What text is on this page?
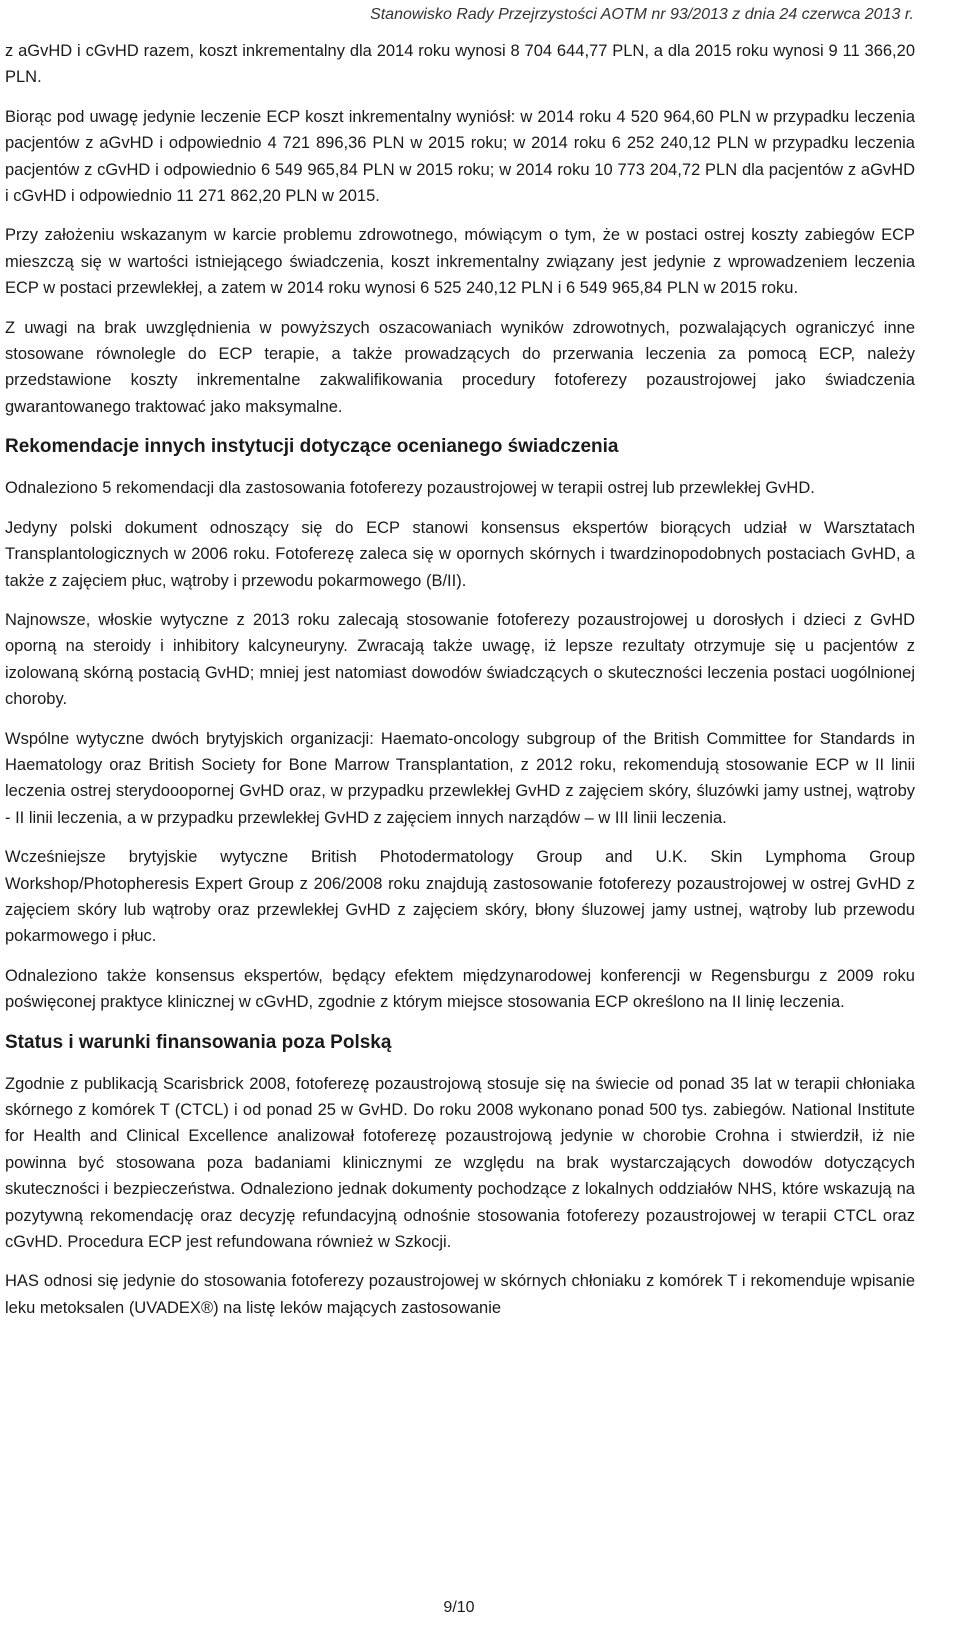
Stanowisko Rady Przejrzystości AOTM nr 93/2013 z dnia 24 czerwca 2013 r.

z aGvHD i cGvHD razem, koszt inkrementalny dla 2014 roku wynosi 8 704 644,77 PLN, a dla 2015 roku wynosi 9 11 366,20 PLN.

Biorąc pod uwagę jedynie leczenie ECP koszt inkrementalny wyniósł: w 2014 roku 4 520 964,60 PLN w przypadku leczenia pacjentów z aGvHD i odpowiednio 4 721 896,36 PLN w 2015 roku; w 2014 roku 6 252 240,12 PLN w przypadku leczenia pacjentów z cGvHD i odpowiednio 6 549 965,84 PLN w 2015 roku; w 2014 roku 10 773 204,72 PLN dla pacjentów z aGvHD i cGvHD i odpowiednio 11 271 862,20 PLN w 2015.

Przy założeniu wskazanym w karcie problemu zdrowotnego, mówiącym o tym, że w postaci ostrej koszty zabiegów ECP mieszczą się w wartości istniejącego świadczenia, koszt inkrementalny związany jest jedynie z wprowadzeniem leczenia ECP w postaci przewlekłej, a zatem w 2014 roku wynosi 6 525 240,12 PLN i 6 549 965,84 PLN w 2015 roku.

Z uwagi na brak uwzględnienia w powyższych oszacowaniach wyników zdrowotnych, pozwalających ograniczyć inne stosowane równolegle do ECP terapie, a także prowadzących do przerwania leczenia za pomocą ECP, należy przedstawione koszty inkrementalne zakwalifikowania procedury fotoferezy pozaustrojowej jako świadczenia gwarantowanego traktować jako maksymalne.

Rekomendacje innych instytucji dotyczące ocenianego świadczenia

Odnaleziono 5 rekomendacji dla zastosowania fotoferezy pozaustrojowej w terapii ostrej lub przewlekłej GvHD.

Jedyny polski dokument odnoszący się do ECP stanowi konsensus ekspertów biorących udział w Warsztatach Transplantologicznych w 2006 roku. Fotoferezę zaleca się w opornych skórnych i twardzinopodobnych postaciach GvHD, a także z zajęciem płuc, wątroby i przewodu pokarmowego (B/II).

Najnowsze, włoskie wytyczne z 2013 roku zalecają stosowanie fotoferezy pozaustrojowej u dorosłych i dzieci z GvHD oporną na steroidy i inhibitory kalcyneuryny. Zwracają także uwagę, iż lepsze rezultaty otrzymuje się u pacjentów z izolowaną skórną postacią GvHD; mniej jest natomiast dowodów świadczących o skuteczności leczenia postaci uogólnionej choroby.

Wspólne wytyczne dwóch brytyjskich organizacji: Haemato-oncology subgroup of the British Committee for Standards in Haematology oraz British Society for Bone Marrow Transplantation, z 2012 roku, rekomendują stosowanie ECP w II linii leczenia ostrej sterydooopornej GvHD oraz, w przypadku przewlekłej GvHD z zajęciem skóry, śluzówki jamy ustnej, wątroby - II linii leczenia, a w przypadku przewlekłej GvHD z zajęciem innych narządów – w III linii leczenia.

Wcześniejsze brytyjskie wytyczne British Photodermatology Group and U.K. Skin Lymphoma Group Workshop/Photopheresis Expert Group z 206/2008 roku znajdują zastosowanie fotoferezy pozaustrojowej w ostrej GvHD z zajęciem skóry lub wątroby oraz przewlekłej GvHD z zajęciem skóry, błony śluzowej jamy ustnej, wątroby lub przewodu pokarmowego i płuc.

Odnaleziono także konsensus ekspertów, będący efektem międzynarodowej konferencji w Regensburgu z 2009 roku poświęconej praktyce klinicznej w cGvHD, zgodnie z którym miejsce stosowania ECP określono na II linię leczenia.

Status i warunki finansowania poza Polską

Zgodnie z publikacją Scarisbrick 2008, fotoferezę pozaustrojową stosuje się na świecie od ponad 35 lat w terapii chłoniaka skórnego z komórek T (CTCL) i od ponad 25 w GvHD. Do roku 2008 wykonano ponad 500 tys. zabiegów. National Institute for Health and Clinical Excellence analizował fotoferezę pozaustrojową jedynie w chorobie Crohna i stwierdził, iż nie powinna być stosowana poza badaniami klinicznymi ze względu na brak wystarczających dowodów dotyczących skuteczności i bezpieczeństwa. Odnaleziono jednak dokumenty pochodzące z lokalnych oddziałów NHS, które wskazują na pozytywną rekomendację oraz decyzję refundacyjną odnośnie stosowania fotoferezy pozaustrojowej w terapii CTCL oraz cGvHD. Procedura ECP jest refundowana również w Szkocji.

HAS odnosi się jedynie do stosowania fotoferezy pozaustrojowej w skórnych chłoniaku z komórek T i rekomenduje wpisanie leku metoksalen (UVADEX®) na listę leków mających zastosowanie

9/10
